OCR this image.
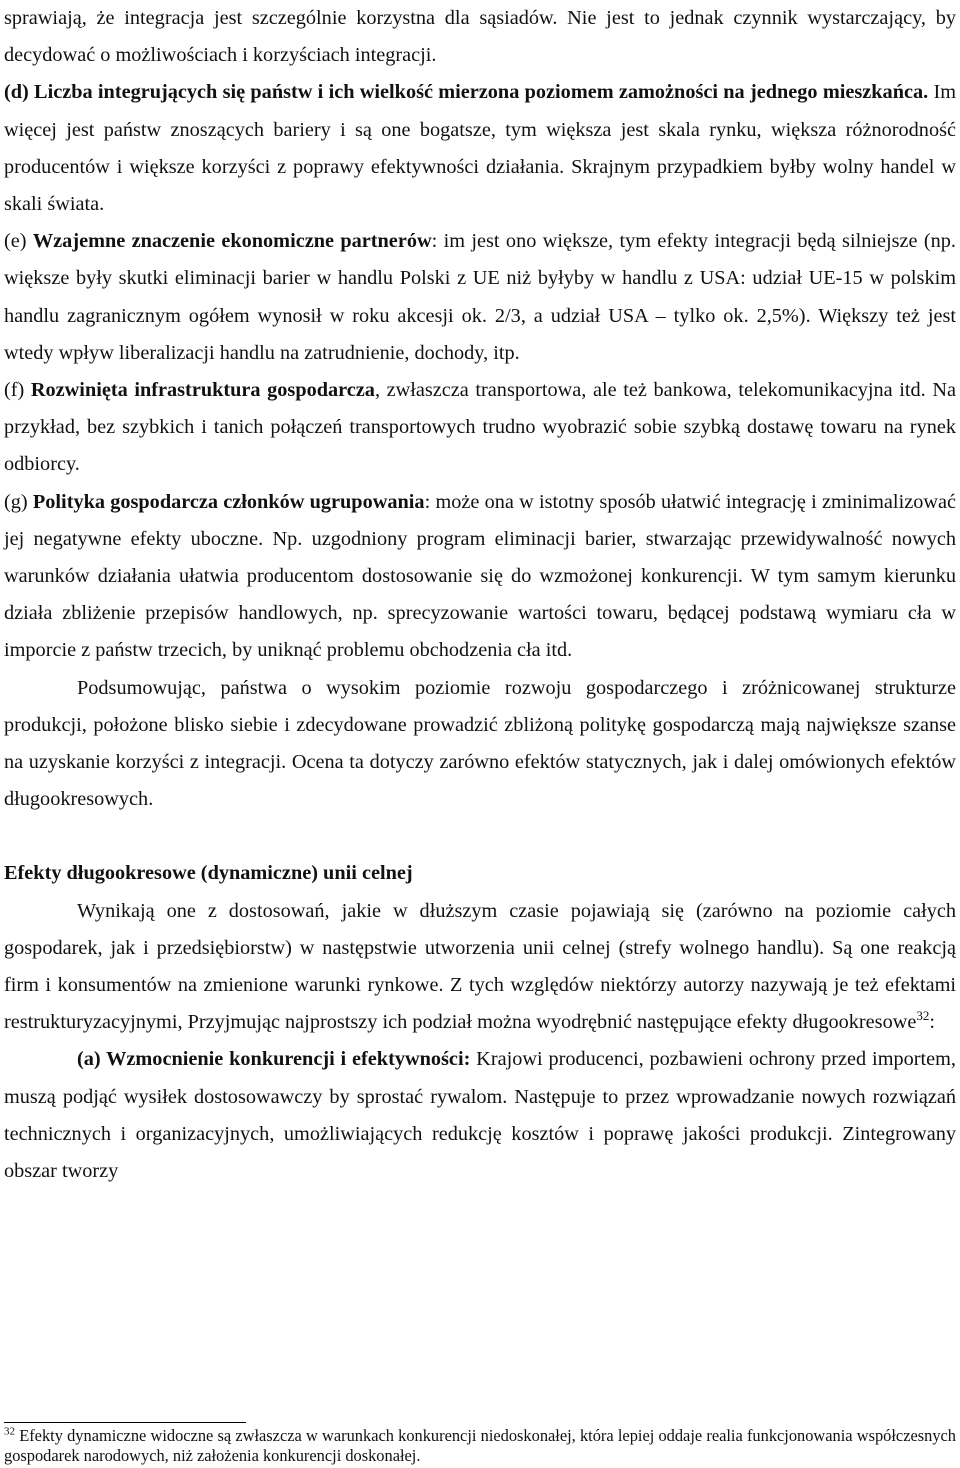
sprawiają, że integracja jest szczególnie korzystna dla sąsiadów. Nie jest to jednak czynnik wystarczający, by decydować o możliwościach i korzyściach integracji.

(d) Liczba integrujących się państw i ich wielkość mierzona poziomem zamożności na jednego mieszkańca. Im więcej jest państw znoszących bariery i są one bogatsze, tym większa jest skala rynku, większa różnorodność producentów i większe korzyści z poprawy efektywności działania. Skrajnym przypadkiem byłby wolny handel w skali świata.

(e) Wzajemne znaczenie ekonomiczne partnerów: im jest ono większe, tym efekty integracji będą silniejsze (np. większe były skutki eliminacji barier w handlu Polski z UE niż byłyby w handlu z USA: udział UE-15 w polskim handlu zagranicznym ogółem wynosił w roku akcesji ok. 2/3, a udział USA – tylko ok. 2,5%). Większy też jest wtedy wpływ liberalizacji handlu na zatrudnienie, dochody, itp.

(f) Rozwinięta infrastruktura gospodarcza, zwłaszcza transportowa, ale też bankowa, telekomunikacyjna itd. Na przykład, bez szybkich i tanich połączeń transportowych trudno wyobrazić sobie szybką dostawę towaru na rynek odbiorcy.

(g) Polityka gospodarcza członków ugrupowania: może ona w istotny sposób ułatwić integrację i zminimalizować jej negatywne efekty uboczne. Np. uzgodniony program eliminacji barier, stwarzając przewidywalność nowych warunków działania ułatwia producentom dostosowanie się do wzmożonej konkurencji. W tym samym kierunku działa zbliżenie przepisów handlowych, np. sprecyzowanie wartości towaru, będącej podstawą wymiaru cła w imporcie z państw trzecich, by uniknąć problemu obchodzenia cła itd.

Podsumowując, państwa o wysokim poziomie rozwoju gospodarczego i zróżnicowanej strukturze produkcji, położone blisko siebie i zdecydowane prowadzić zbliżoną politykę gospodarczą mają największe szanse na uzyskanie korzyści z integracji. Ocena ta dotyczy zarówno efektów statycznych, jak i dalej omówionych efektów długookresowych.

Efekty długookresowe (dynamiczne) unii celnej

Wynikają one z dostosowań, jakie w dłuższym czasie pojawiają się (zarówno na poziomie całych gospodarek, jak i przedsiębiorstw) w następstwie utworzenia unii celnej (strefy wolnego handlu). Są one reakcją firm i konsumentów na zmienione warunki rynkowe. Z tych względów niektórzy autorzy nazywają je też efektami restrukturyzacyjnymi, Przyjmując najprostszy ich podział można wyodrębnić następujące efekty długookresowe$^{32}$:

(a) Wzmocnienie konkurencji i efektywności: Krajowi producenci, pozbawieni ochrony przed importem, muszą podjąć wysiłek dostosowawczy by sprostać rywalom. Następuje to przez wprowadzanie nowych rozwiązań technicznych i organizacyjnych, umożliwiających redukcję kosztów i poprawę jakości produkcji. Zintegrowany obszar tworzy

$^{32}$ Efekty dynamiczne widoczne są zwłaszcza w warunkach konkurencji niedoskonałej, która lepiej oddaje realia funkcjonowania współczesnych gospodarek narodowych, niż założenia konkurencji doskonałej.
